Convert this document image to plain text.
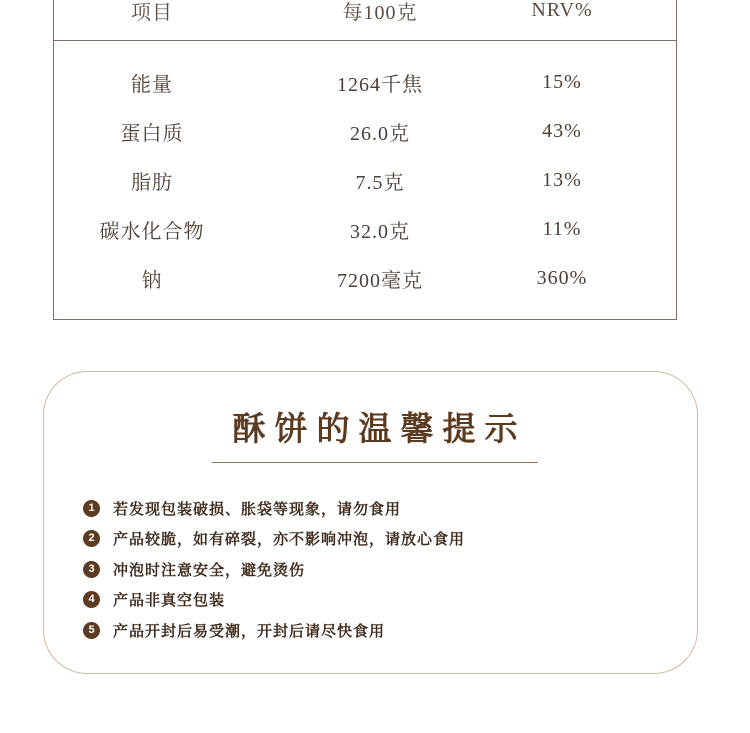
项目	每100克	NRV%
能量	1264千焦	15%
蛋白质	26.0克	43%
脂肪	7.5克	13%
碳水化合物	32.0克	11%
钠	7200毫克	360%
酥饼的温馨提示
1	若发现包装破损、胀袋等现象，请勿食用
2	产品较脆，如有碎裂，亦不影响冲泡，请放心食用
3	冲泡时注意安全，避免烫伤
4	产品非真空包装
5	产品开封后易受潮，开封后请尽快食用
